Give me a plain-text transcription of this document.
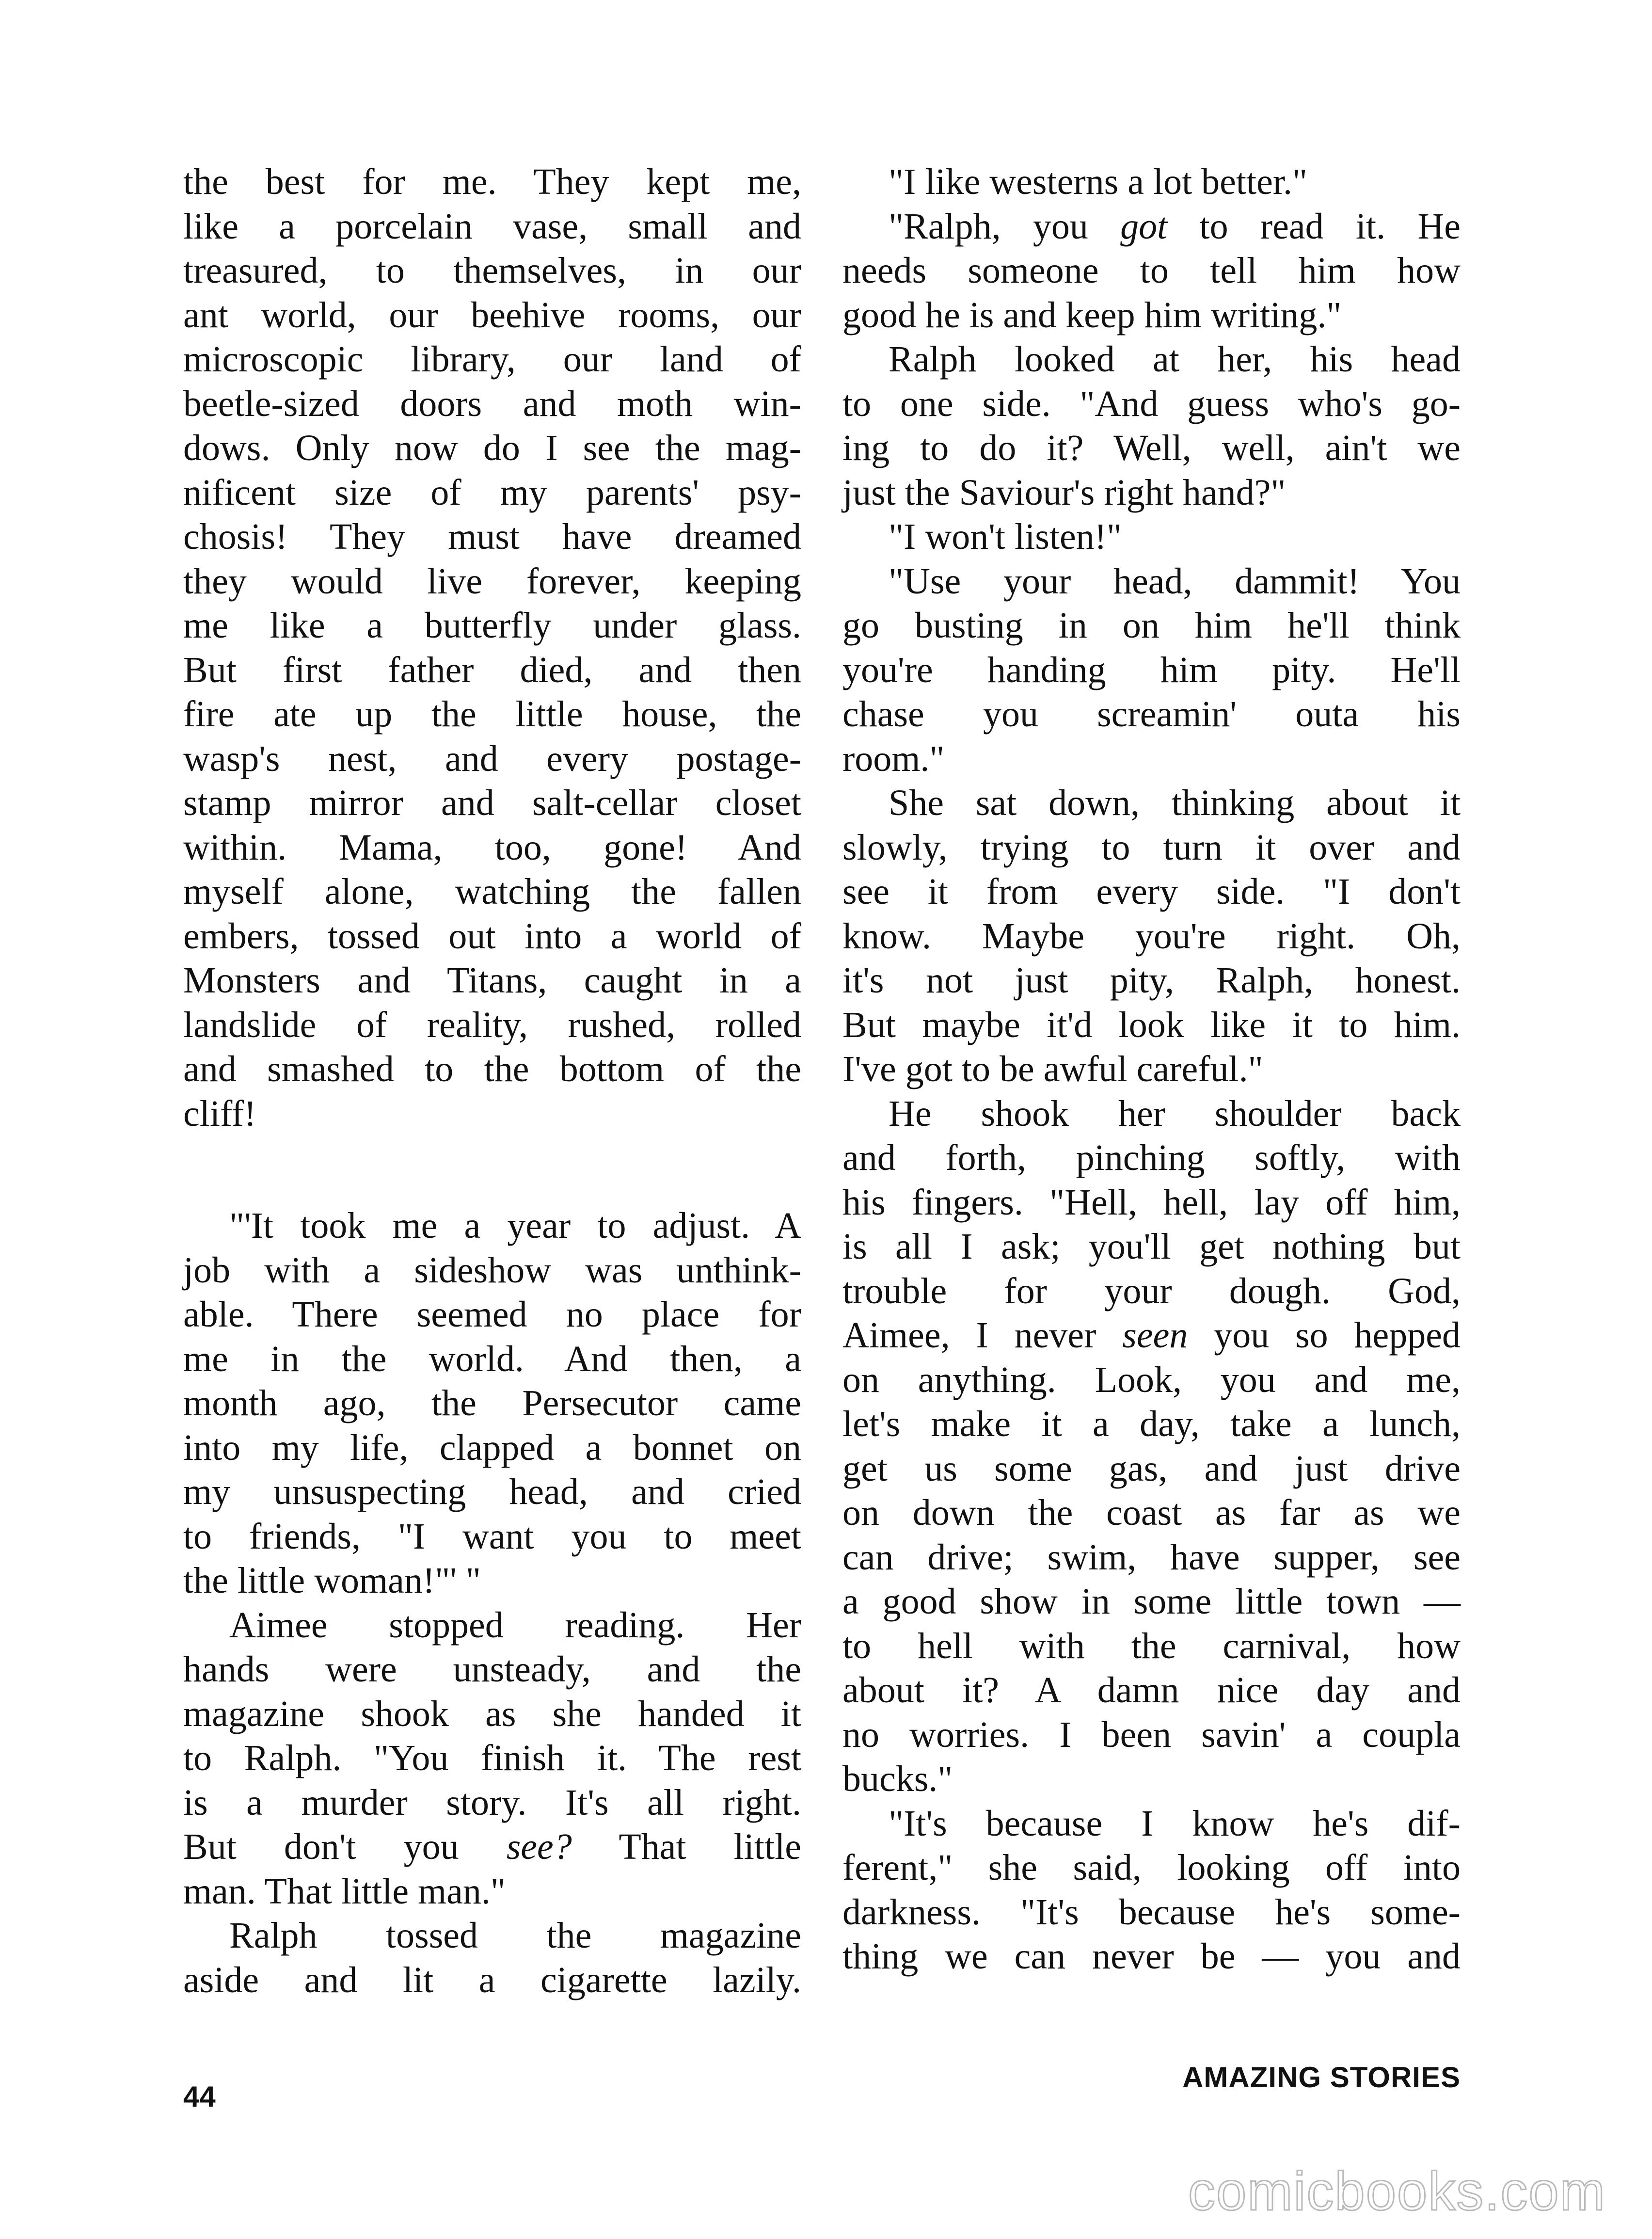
the best for me. They kept me,
like a porcelain vase, small and
treasured, to themselves, in our
ant world, our beehive rooms, our
microscopic library, our land of
beetle-sized doors and moth win-
dows. Only now do I see the mag-
nificent size of my parents' psy-
chosis! They must have dreamed
they would live forever, keeping
me like a butterfly under glass.
But first father died, and then
fire ate up the little house, the
wasp's nest, and every postage-
stamp mirror and salt-cellar closet
within. Mama, too, gone! And
myself alone, watching the fallen
embers, tossed out into a world of
Monsters and Titans, caught in a
landslide of reality, rushed, rolled
and smashed to the bottom of the
cliff!
"'It took me a year to adjust. A
job with a sideshow was unthink-
able. There seemed no place for
me in the world. And then, a
month ago, the Persecutor came
into my life, clapped a bonnet on
my unsuspecting head, and cried
to friends, "I want you to meet
the little woman!"' "
Aimee stopped reading. Her
hands were unsteady, and the
magazine shook as she handed it
to Ralph. "You finish it. The rest
is a murder story. It's all right.
But don't you see? That little
man. That little man."
Ralph tossed the magazine
aside and lit a cigarette lazily.
"I like westerns a lot better."
"Ralph, you got to read it. He
needs someone to tell him how
good he is and keep him writing."
Ralph looked at her, his head
to one side. "And guess who's go-
ing to do it? Well, well, ain't we
just the Saviour's right hand?"
"I won't listen!"
"Use your head, dammit! You
go busting in on him he'll think
you're handing him pity. He'll
chase you screamin' outa his
room."
She sat down, thinking about it
slowly, trying to turn it over and
see it from every side. "I don't
know. Maybe you're right. Oh,
it's not just pity, Ralph, honest.
But maybe it'd look like it to him.
I've got to be awful careful."
He shook her shoulder back
and forth, pinching softly, with
his fingers. "Hell, hell, lay off him,
is all I ask; you'll get nothing but
trouble for your dough. God,
Aimee, I never seen you so hepped
on anything. Look, you and me,
let's make it a day, take a lunch,
get us some gas, and just drive
on down the coast as far as we
can drive; swim, have supper, see
a good show in some little town —
to hell with the carnival, how
about it? A damn nice day and
no worries. I been savin' a coupla
bucks."
"It's because I know he's dif-
ferent," she said, looking off into
darkness. "It's because he's some-
thing we can never be — you and
44
AMAZING STORIES
comicbooks.com
